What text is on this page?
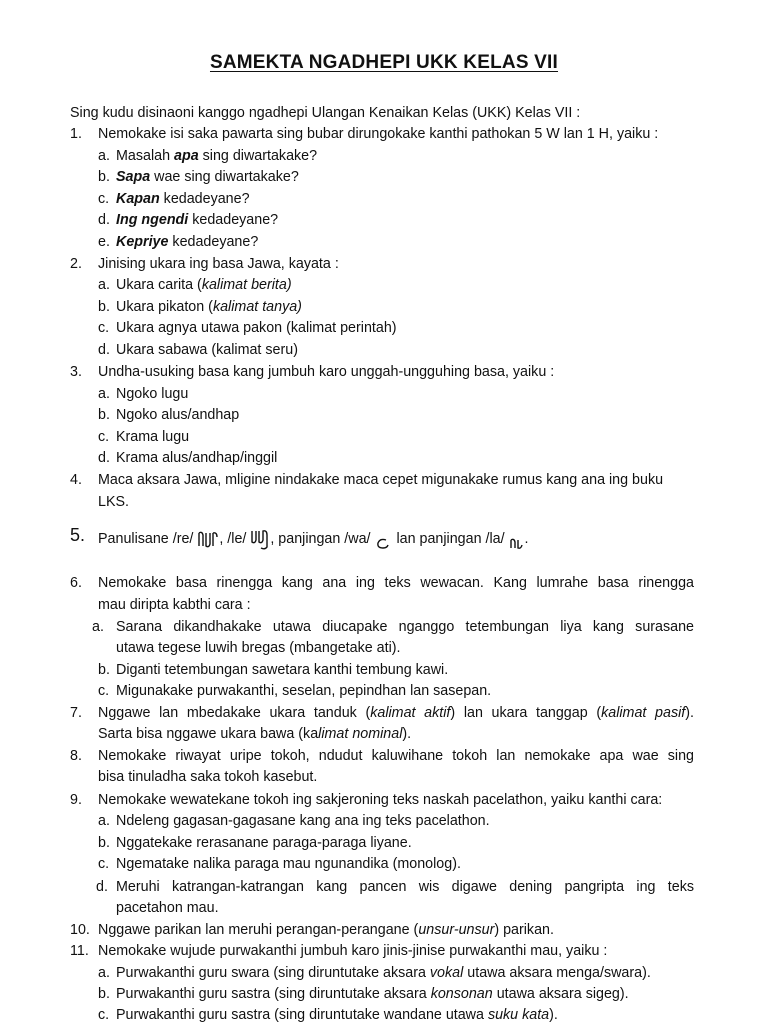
SAMEKTA NGADHEPI UKK KELAS VII
Sing kudu disinaoni kanggo ngadhepi Ulangan Kenaikan Kelas (UKK) Kelas VII :
1. Nemokake isi saka pawarta sing bubar dirungokake kanthi pathokan 5 W lan 1 H, yaiku :
a. Masalah apa sing diwartakake?
b. Sapa wae sing diwartakake?
c. Kapan kedadeyane?
d. Ing ngendi kedadeyane?
e. Kepriye kedadeyane?
2. Jinising ukara ing basa Jawa, kayata :
a. Ukara carita (kalimat berita)
b. Ukara pikaton (kalimat tanya)
c. Ukara agnya utawa pakon (kalimat perintah)
d. Ukara sabawa (kalimat seru)
3. Undha-usuking basa kang jumbuh karo unggah-ungguhing basa, yaiku :
a. Ngoko lugu
b. Ngoko alus/andhap
c. Krama lugu
d. Krama alus/andhap/inggil
4. Maca aksara Jawa, mligine nindakake maca cepet migunakake rumus kang ana ing buku
LKS.
5. Panulisane /re/ , /le/ , panjingan /wa/  lan panjingan /la/ .
6. Nemokake basa rinengga kang ana ing teks wewacan. Kang lumrahe basa rinengga
mau diripta kabthi cara :
a. Sarana dikandhakake utawa diucapake nganggo tetembungan liya kang surasane
utawa tegese luwih bregas (mbangetake ati).
b. Diganti tetembungan sawetara kanthi tembung kawi.
c. Migunakake purwakanthi, seselan, pepindhan lan sasepan.
7. Nggawe lan mbedakake ukara tanduk (kalimat aktif) lan ukara tanggap (kalimat pasif).
Sarta bisa nggawe ukara bawa (kalimat nominal).
8. Nemokake riwayat uripe tokoh, ndudut kaluwihane tokoh lan nemokake apa wae sing
bisa tinuladha saka tokoh kasebut.
9. Nemokake wewatekane tokoh ing sakjeroning teks naskah pacelathon, yaiku kanthi cara:
a. Ndeleng gagasan-gagasane kang ana ing teks pacelathon.
b. Nggatekake rerasanane paraga-paraga liyane.
c. Ngematake nalika paraga mau ngunandika (monolog).
d. Meruhi katrangan-katrangan kang pancen wis digawe dening pangripta ing teks
pacetahon mau.
10. Nggawe parikan lan meruhi perangan-perangane (unsur-unsur) parikan.
11. Nemokake wujude purwakanthi jumbuh karo jinis-jinise purwakanthi mau, yaiku :
a. Purwakanthi guru swara (sing diruntutake aksara vokal utawa aksara menga/swara).
b. Purwakanthi guru sastra (sing diruntutake aksara konsonan utawa aksara sigeg).
c. Purwakanthi guru sastra (sing diruntutake wandane utawa suku kata).
